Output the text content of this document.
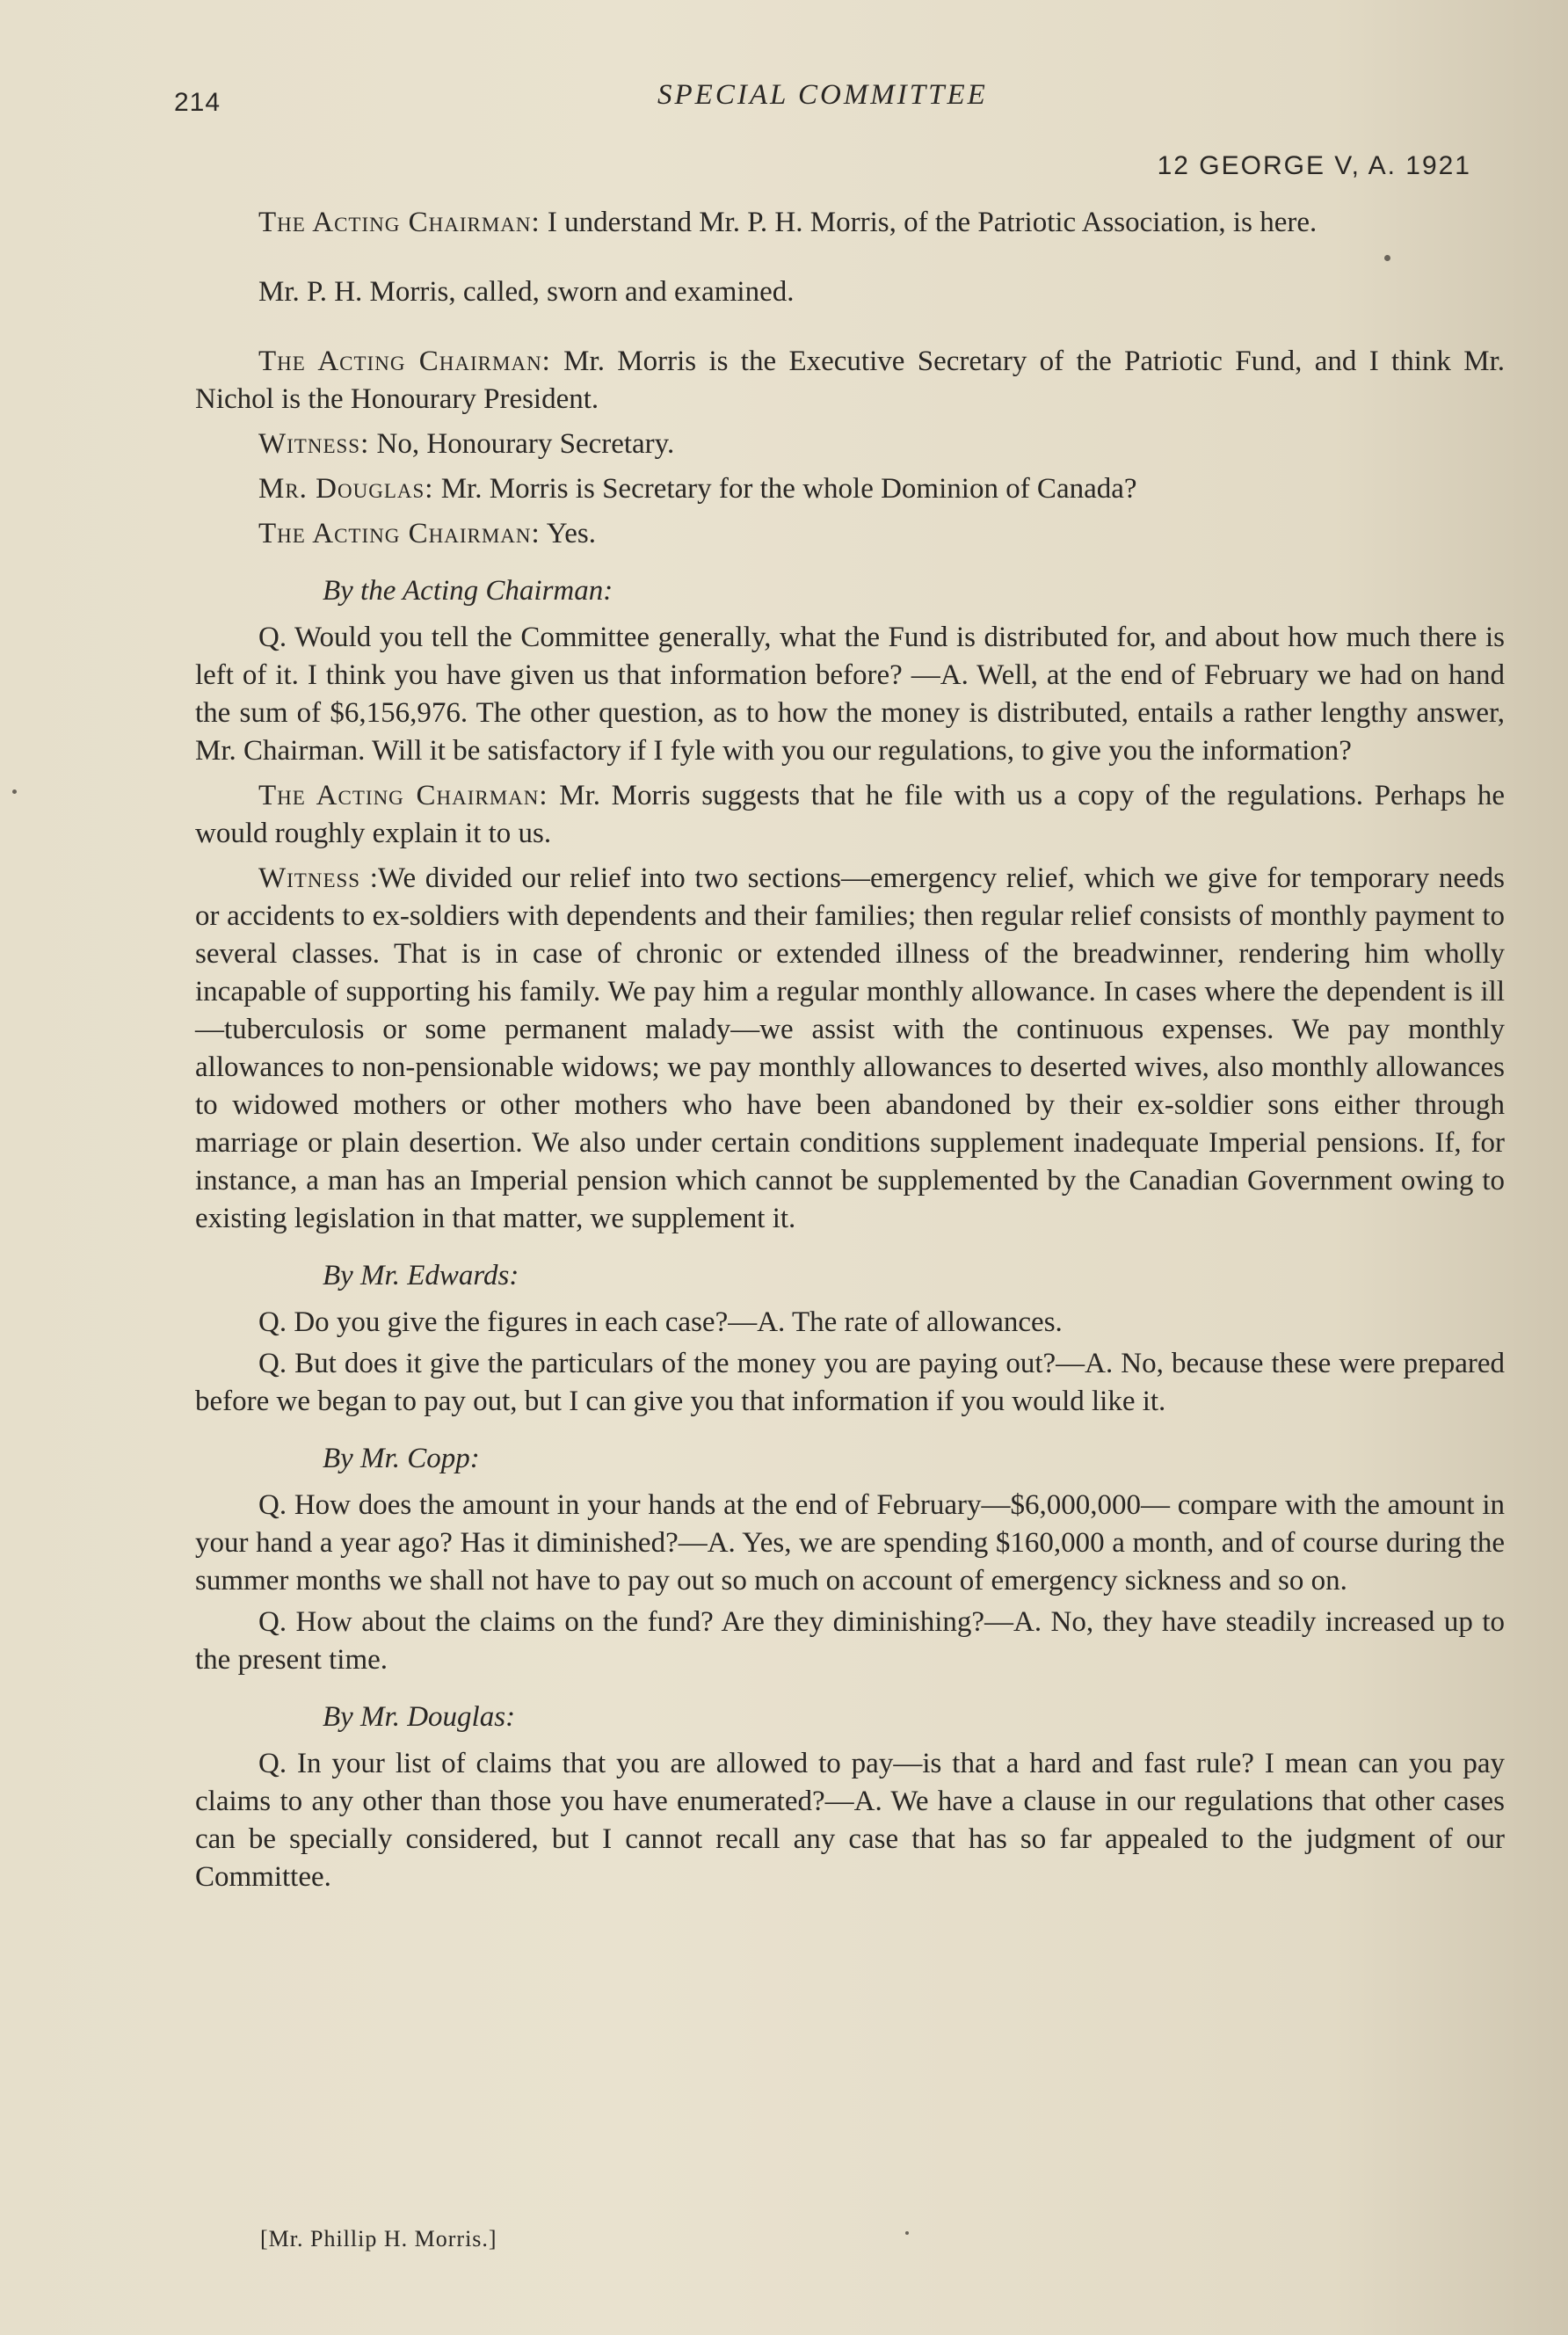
214	SPECIAL COMMITTEE
12 GEORGE V, A. 1921

The Acting Chairman: I understand Mr. P. H. Morris, of the Patriotic Association, is here.

Mr. P. H. Morris, called, sworn and examined.

The Acting Chairman: Mr. Morris is the Executive Secretary of the Patriotic Fund, and I think Mr. Nichol is the Honourary President.

Witness: No, Honourary Secretary.

Mr. Douglas: Mr. Morris is Secretary for the whole Dominion of Canada?

The Acting Chairman: Yes.

By the Acting Chairman:

Q. Would you tell the Committee generally, what the Fund is distributed for, and about how much there is left of it. I think you have given us that information before? —A. Well, at the end of February we had on hand the sum of $6,156,976. The other question, as to how the money is distributed, entails a rather lengthy answer, Mr. Chairman. Will it be satisfactory if I fyle with you our regulations, to give you the information?

The Acting Chairman: Mr. Morris suggests that he file with us a copy of the regulations. Perhaps he would roughly explain it to us.

Witness :We divided our relief into two sections—emergency relief, which we give for temporary needs or accidents to ex-soldiers with dependents and their families; then regular relief consists of monthly payment to several classes. That is in case of chronic or extended illness of the breadwinner, rendering him wholly incapable of supporting his family. We pay him a regular monthly allowance. In cases where the dependent is ill—tuberculosis or some permanent malady—we assist with the continuous expenses. We pay monthly allowances to non-pensionable widows; we pay monthly allowances to deserted wives, also monthly allowances to widowed mothers or other mothers who have been abandoned by their ex-soldier sons either through marriage or plain desertion. We also under certain conditions supplement inadequate Imperial pensions. If, for instance, a man has an Imperial pension which cannot be supplemented by the Canadian Government owing to existing legislation in that matter, we supplement it.

By Mr. Edwards:

Q. Do you give the figures in each case?—A. The rate of allowances.

Q. But does it give the particulars of the money you are paying out?—A. No, because these were prepared before we began to pay out, but I can give you that information if you would like it.

By Mr. Copp:

Q. How does the amount in your hands at the end of February—$6,000,000— compare with the amount in your hand a year ago? Has it diminished?—A. Yes, we are spending $160,000 a month, and of course during the summer months we shall not have to pay out so much on account of emergency sickness and so on.

Q. How about the claims on the fund? Are they diminishing?—A. No, they have steadily increased up to the present time.

By Mr. Douglas:

Q. In your list of claims that you are allowed to pay—is that a hard and fast rule? I mean can you pay claims to any other than those you have enumerated?—A. We have a clause in our regulations that other cases can be specially considered, but I cannot recall any case that has so far appealed to the judgment of our Committee.

[Mr. Phillip H. Morris.]
